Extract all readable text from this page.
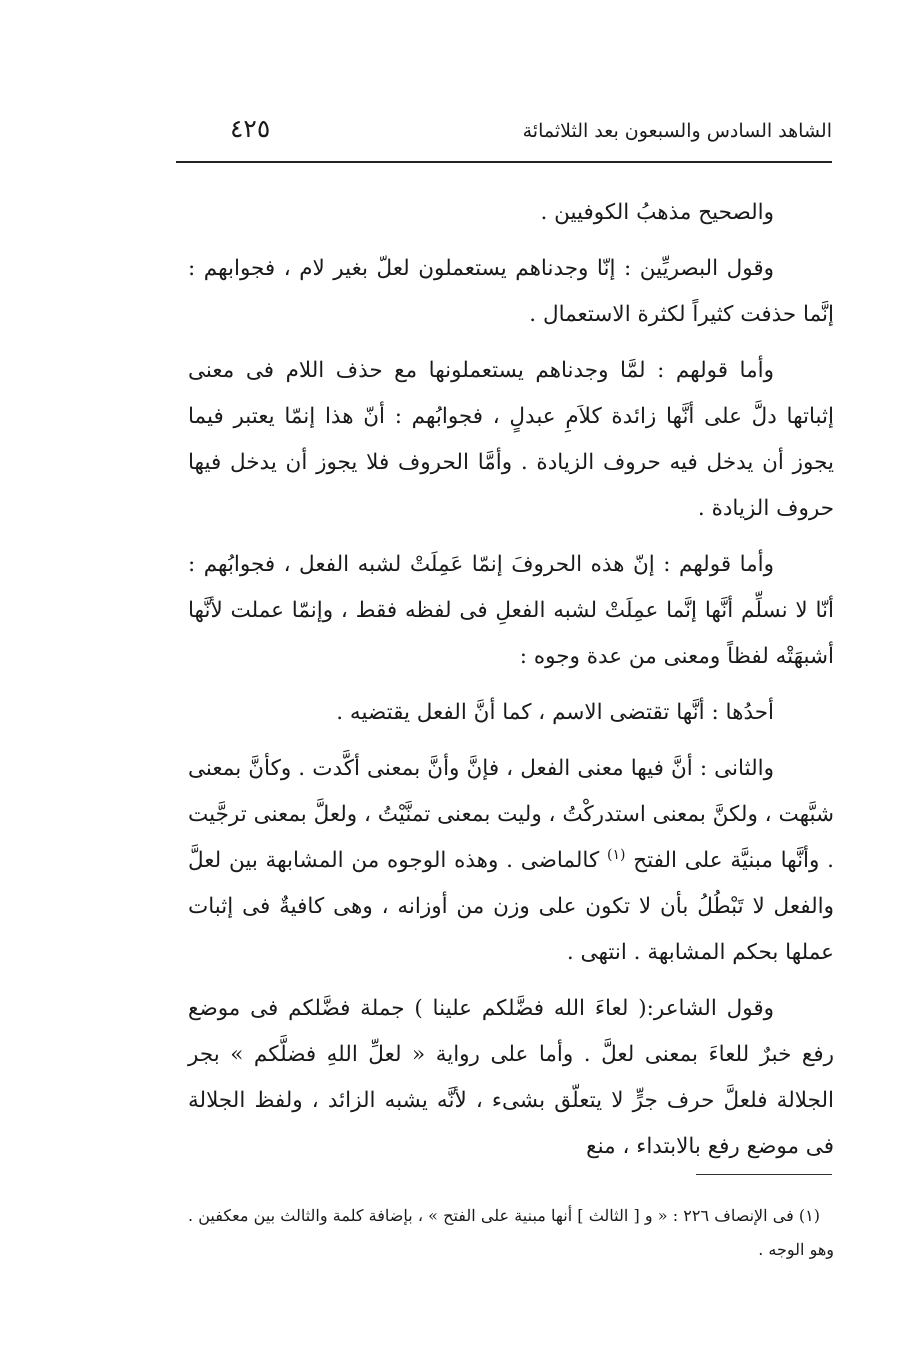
الشاهد السادس والسبعون بعد الثلاثمائة
٤٢٥

والصحيح مذهبُ الكوفيين .

وقول البصريِّين : إنّا وجدناهم يستعملون لعلّ بغير لام ، فجوابهم : إنَّما حذفت كثيراً لكثرة الاستعمال .

وأما قولهم : لمَّا وجدناهم يستعملونها مع حذف اللام فى معنى إثباتها دلَّ على أنَّها زائدة كلاَمِ عبدلٍ ، فجوابُهم : أنّ هذا إنمّا يعتبر فيما يجوز أن يدخل فيه حروف الزيادة . وأمَّا الحروف فلا يجوز أن يدخل فيها حروف الزيادة .

وأما قولهم : إنّ هذه الحروفَ إنمّا عَمِلَتْ لشبه الفعل ، فجوابُهم : أنّا لا نسلِّم أنَّها إنَّما عمِلَتْ لشبه الفعلِ فى لفظه فقط ، وإنمّا عملت لأنَّها أشبهَتْه لفظاً ومعنى من عدة وجوه :

أحدُها : أنَّها تقتضى الاسم ، كما أنَّ الفعل يقتضيه .

والثانى : أنَّ فيها معنى الفعل ، فإنَّ وأنَّ بمعنى أكَّدت . وكأنَّ بمعنى شبَّهت ، ولكنَّ بمعنى استدركْتُ ، وليت بمعنى تمنَّيْتُ ، ولعلَّ بمعنى ترجَّيت . وأنَّها مبنيَّة على الفتح $^{(١)}$ كالماضى . وهذه الوجوه من المشابهة بين لعلَّ والفعل لا تَبْطُلُ بأن لا تكون على وزن من أوزانه ، وهى كافيةٌ فى إثبات عملها بحكم المشابهة . انتهى .

وقول الشاعر:( لعاءَ الله فضَّلكم علينا ) جملة فضَّلكم فى موضع رفع خبرٌ للعاءَ بمعنى لعلَّ . وأما على رواية « لعلِّ اللهِ فضلَّكم » بجر الجلالة فلعلَّ حرف جرٍّ لا يتعلّق بشىء ، لأنَّه يشبه الزائد ، ولفظ الجلالة فى موضع رفع بالابتداء ، منع

(١) فى الإنصاف ٢٢٦ : « و [ الثالث ] أنها مبنية على الفتح » ، بإضافة كلمة والثالث بين معكفين . وهو الوجه .
